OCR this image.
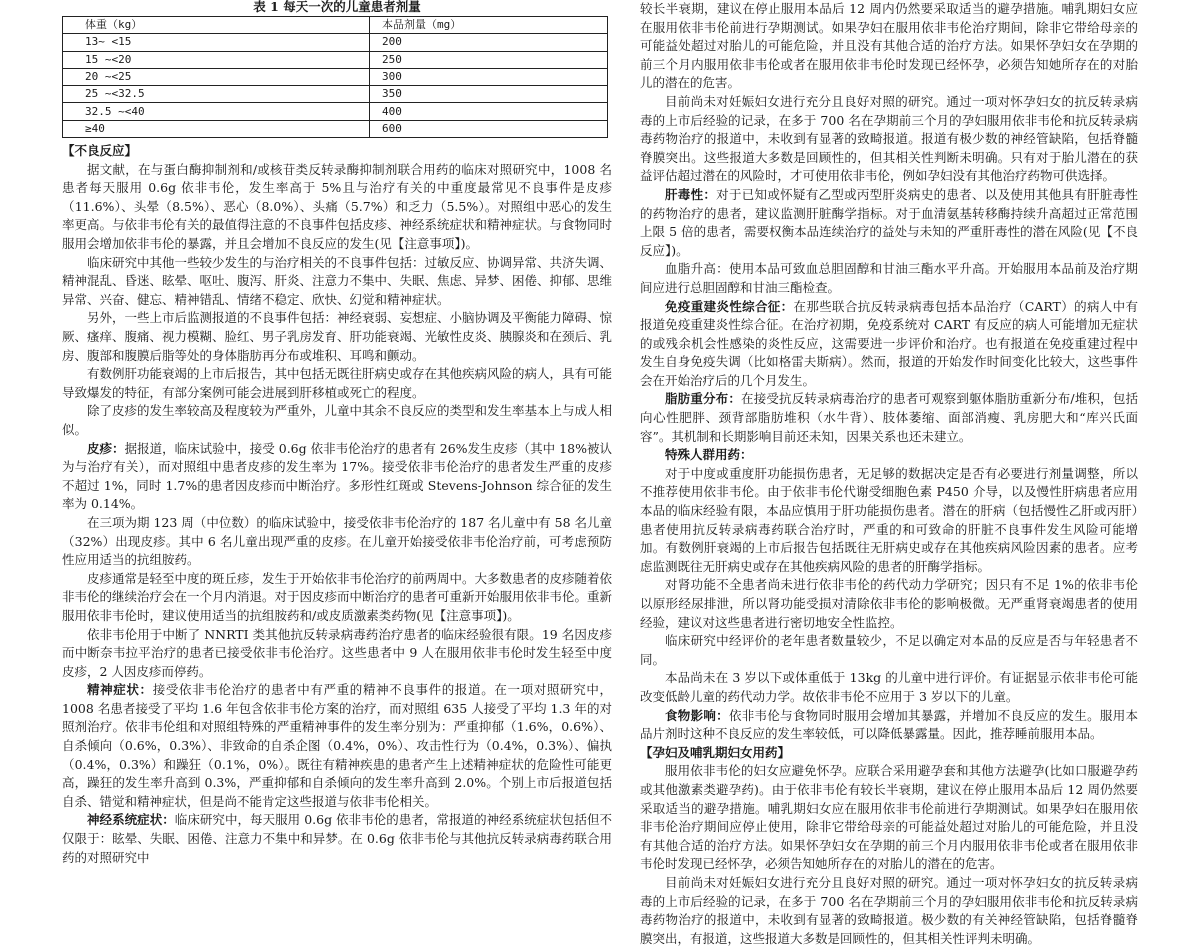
表 1 每天一次的儿童患者剂量
体重（kg）	本品剂量（mg）
13~ <15	200
15 ~<20	250
20 ~<25	300
25 ~<32.5	350
32.5 ~<40	400
≥40	600
【不良反应】

据文献，在与蛋白酶抑制剂和/或核苷类反转录酶抑制剂联合用药的临床对照研究中，1008 名患者每天服用 0.6g 依非韦伦，发生率高于 5%且与治疗有关的中重度最常见不良事件是皮疹（11.6%）、头晕（8.5%）、恶心（8.0%）、头痛（5.7%）和乏力（5.5%）。对照组中恶心的发生率更高。与依非韦伦有关的最值得注意的不良事件包括皮疹、神经系统症状和精神症状。与食物同时服用会增加依非韦伦的暴露，并且会增加不良反应的发生(见【注意事项】)。

临床研究中其他一些较少发生的与治疗相关的不良事件包括：过敏反应、协调异常、共济失调、精神混乱、昏迷、眩晕、呕吐、腹泻、肝炎、注意力不集中、失眠、焦虑、异梦、困倦、抑郁、思维异常、兴奋、健忘、精神错乱、情绪不稳定、欣快、幻觉和精神症状。

另外，一些上市后监测报道的不良事件包括：神经衰弱、妄想症、小脑协调及平衡能力障碍、惊厥、瘙痒、腹痛、视力模糊、脸红、男子乳房发育、肝功能衰竭、光敏性皮炎、胰腺炎和在颈后、乳房、腹部和腹膜后脂等处的身体脂肪再分布或堆积、耳鸣和颤动。

有数例肝功能衰竭的上市后报告，其中包括无既往肝病史或存在其他疾病风险的病人，具有可能导致爆发的特征，有部分案例可能会进展到肝移植或死亡的程度。

除了皮疹的发生率较高及程度较为严重外，儿童中其余不良反应的类型和发生率基本上与成人相似。

皮疹：据报道，临床试验中，接受 0.6g 依非韦伦治疗的患者有 26%发生皮疹（其中 18%被认为与治疗有关），而对照组中患者皮疹的发生率为 17%。接受依非韦伦治疗的患者发生严重的皮疹不超过 1%，同时 1.7%的患者因皮疹而中断治疗。多形性红斑或 Stevens-Johnson 综合征的发生率为 0.14%。

在三项为期 123 周（中位数）的临床试验中，接受依非韦伦治疗的 187 名儿童中有 58 名儿童（32%）出现皮疹。其中 6 名儿童出现严重的皮疹。在儿童开始接受依非韦伦治疗前，可考虑预防性应用适当的抗组胺药。

皮疹通常是轻至中度的斑丘疹，发生于开始依非韦伦治疗的前两周中。大多数患者的皮疹随着依非韦伦的继续治疗会在一个月内消退。对于因皮疹而中断治疗的患者可重新开始服用依非韦伦。重新服用依非韦伦时，建议使用适当的抗组胺药和/或皮质激素类药物(见【注意事项】)。

依非韦伦用于中断了 NNRTI 类其他抗反转录病毒药治疗患者的临床经验很有限。19 名因皮疹而中断奈韦拉平治疗的患者已接受依非韦伦治疗。这些患者中 9 人在服用依非韦伦时发生轻至中度皮疹，2 人因皮疹而停药。

精神症状：接受依非韦伦治疗的患者中有严重的精神不良事件的报道。在一项对照研究中，1008 名患者接受了平均 1.6 年包含依非韦伦方案的治疗，而对照组 635 人接受了平均 1.3 年的对照剂治疗。依非韦伦组和对照组特殊的严重精神事件的发生率分别为：严重抑郁（1.6%，0.6%）、自杀倾向（0.6%，0.3%）、非致命的自杀企图（0.4%，0%）、攻击性行为（0.4%，0.3%）、偏执（0.4%，0.3%）和躁狂（0.1%，0%）。既往有精神疾患的患者产生上述精神症状的危险性可能更高，躁狂的发生率升高到 0.3%，严重抑郁和自杀倾向的发生率升高到 2.0%。个别上市后报道包括自杀、错觉和精神症状，但是尚不能肯定这些报道与依非韦伦相关。

神经系统症状：临床研究中，每天服用 0.6g 依非韦伦的患者，常报道的神经系统症状包括但不仅限于：眩晕、失眠、困倦、注意力不集中和异梦。在 0.6g 依非韦伦与其他抗反转录病毒药联合用药的对照研究中

较长半衰期，建议在停止服用本品后 12 周内仍然要采取适当的避孕措施。哺乳期妇女应在服用依非韦伦前进行孕期测试。如果孕妇在服用依非韦伦治疗期间，除非它带给母亲的可能益处超过对胎儿的可能危险，并且没有其他合适的治疗方法。如果怀孕妇女在孕期的前三个月内服用依非韦伦或者在服用依非韦伦时发现已经怀孕，必须告知她所存在的对胎儿的潜在的危害。

目前尚未对妊娠妇女进行充分且良好对照的研究。通过一项对怀孕妇女的抗反转录病毒的上市后经验的记录，在多于 700 名在孕期前三个月的孕妇服用依非韦伦和抗反转录病毒药物治疗的报道中，未收到有显著的致畸报道。报道有极少数的神经管缺陷，包括脊髓脊膜突出。这些报道大多数是回顾性的，但其相关性判断未明确。只有对于胎儿潜在的获益评估超过潜在的风险时，才可使用依非韦伦，例如孕妇没有其他治疗药物可供选择。

肝毒性：对于已知或怀疑有乙型或丙型肝炎病史的患者、以及使用其他具有肝脏毒性的药物治疗的患者，建议监测肝脏酶学指标。对于血清氨基转移酶持续升高超过正常范围上限 5 倍的患者，需要权衡本品连续治疗的益处与未知的严重肝毒性的潜在风险(见【不良反应】)。

血脂升高：使用本品可致血总胆固醇和甘油三酯水平升高。开始服用本品前及治疗期间应进行总胆固醇和甘油三酯检查。

免疫重建炎性综合征：在那些联合抗反转录病毒包括本品治疗（CART）的病人中有报道免疫重建炎性综合征。在治疗初期，免疫系统对 CART 有反应的病人可能增加无症状的或残余机会性感染的炎性反应，这需要进一步评价和治疗。也有报道在免疫重建过程中发生自身免疫失调（比如格雷夫斯病）。然而，报道的开始发作时间变化比较大，这些事件会在开始治疗后的几个月发生。

脂肪重分布：在接受抗反转录病毒治疗的患者可观察到躯体脂肪重新分布/堆积，包括向心性肥胖、颈背部脂肪堆积（水牛背）、肢体萎缩、面部消瘦、乳房肥大和“库兴氏面容”。其机制和长期影响目前还未知，因果关系也还未建立。

特殊人群用药：

对于中度或重度肝功能损伤患者，无足够的数据决定是否有必要进行剂量调整，所以不推荐使用依非韦伦。由于依非韦伦代谢受细胞色素 P450 介导，以及慢性肝病患者应用本品的临床经验有限，本品应慎用于肝功能损伤患者。潜在的肝病（包括慢性乙肝或丙肝）患者使用抗反转录病毒药联合治疗时，严重的和可致命的肝脏不良事件发生风险可能增加。有数例肝衰竭的上市后报告包括既往无肝病史或存在其他疾病风险因素的患者。应考虑监测既往无肝病史或存在其他疾病风险的患者的肝酶学指标。

对肾功能不全患者尚未进行依非韦伦的药代动力学研究；因只有不足 1%的依非韦伦以原形经尿排泄，所以肾功能受损对清除依非韦伦的影响极微。无严重肾衰竭患者的使用经验，建议对这些患者进行密切地安全性监控。

临床研究中经评价的老年患者数量较少，不足以确定对本品的反应是否与年轻患者不同。

本品尚未在 3 岁以下或体重低于 13kg 的儿童中进行评价。有证据显示依非韦伦可能改变低龄儿童的药代动力学。故依非韦伦不应用于 3 岁以下的儿童。

食物影响：依非韦伦与食物同时服用会增加其暴露，并增加不良反应的发生。服用本品片剂时这种不良反应的发生率较低，可以降低暴露量。因此，推荐睡前服用本品。

【孕妇及哺乳期妇女用药】

服用依非韦伦的妇女应避免怀孕。应联合采用避孕套和其他方法避孕(比如口服避孕药或其他激素类避孕药)。由于依非韦伦有较长半衰期，建议在停止服用本品后 12 周仍然要采取适当的避孕措施。哺乳期妇女应在服用依非韦伦前进行孕期测试。如果孕妇在服用依非韦伦治疗期间应停止使用，除非它带给母亲的可能益处超过对胎儿的可能危险，并且没有其他合适的治疗方法。如果怀孕妇女在孕期的前三个月内服用依非韦伦或者在服用依非韦伦时发现已经怀孕，必须告知她所存在的对胎儿的潜在的危害。

目前尚未对妊娠妇女进行充分且良好对照的研究。通过一项对怀孕妇女的抗反转录病毒的上市后经验的记录，在多于 700 名在孕期前三个月的孕妇服用依非韦伦和抗反转录病毒药物治疗的报道中，未收到有显著的致畸报道。极少数的有关神经管缺陷，包括脊髓脊膜突出，有报道，这些报道大多数是回顾性的，但其相关性评判未明确。
